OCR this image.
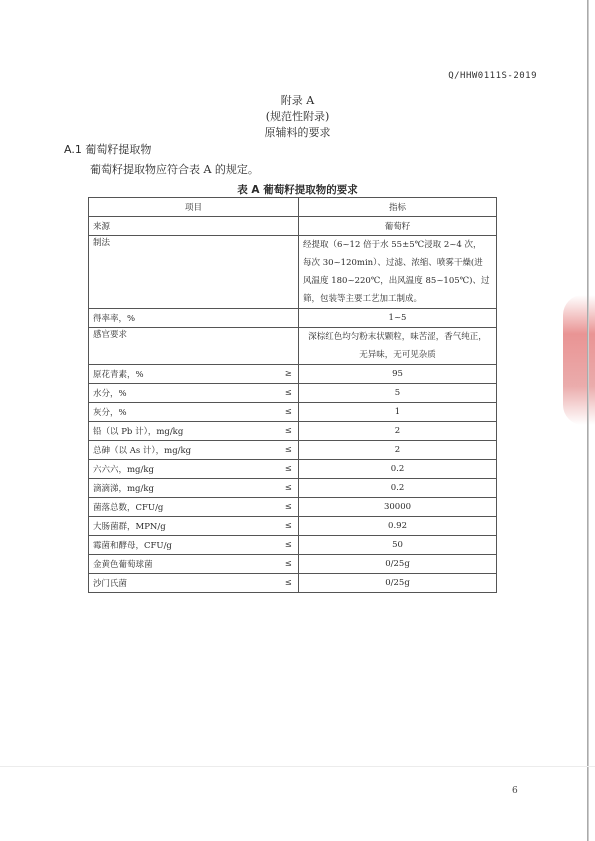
Q/HHW0111S-2019
附录 A
(规范性附录)
原辅料的要求
A.1 葡萄籽提取物
葡萄籽提取物应符合表 A 的规定。
表 A 葡萄籽提取物的要求
项目		指标
来源		葡萄籽
制法		经提取（6~12 倍于水 55±5℃浸取 2~4 次，
每次 30~120min）、过滤、浓缩、喷雾干燥(进
风温度 180~220℃，出风温度 85~105℃)、过
筛，包装等主要工艺加工制成。

得率率，%		1~5
感官要求		深棕红色均匀粉末状颗粒，味苦涩，香气纯正，
无异味，无可见杂质

原花青素，%	≥	95
水分，%	≤	5
灰分，%	≤	1
铅（以 Pb 计），mg/kg	≤	2
总砷（以 As 计），mg/kg	≤	2
六六六，mg/kg	≤	0.2
滴滴涕，mg/kg	≤	0.2
菌落总数，CFU/g	≤	30000
大肠菌群，MPN/g	≤	0.92
霉菌和酵母，CFU/g	≤	50
金黄色葡萄球菌	≤	0/25g
沙门氏菌	≤	0/25g
6
